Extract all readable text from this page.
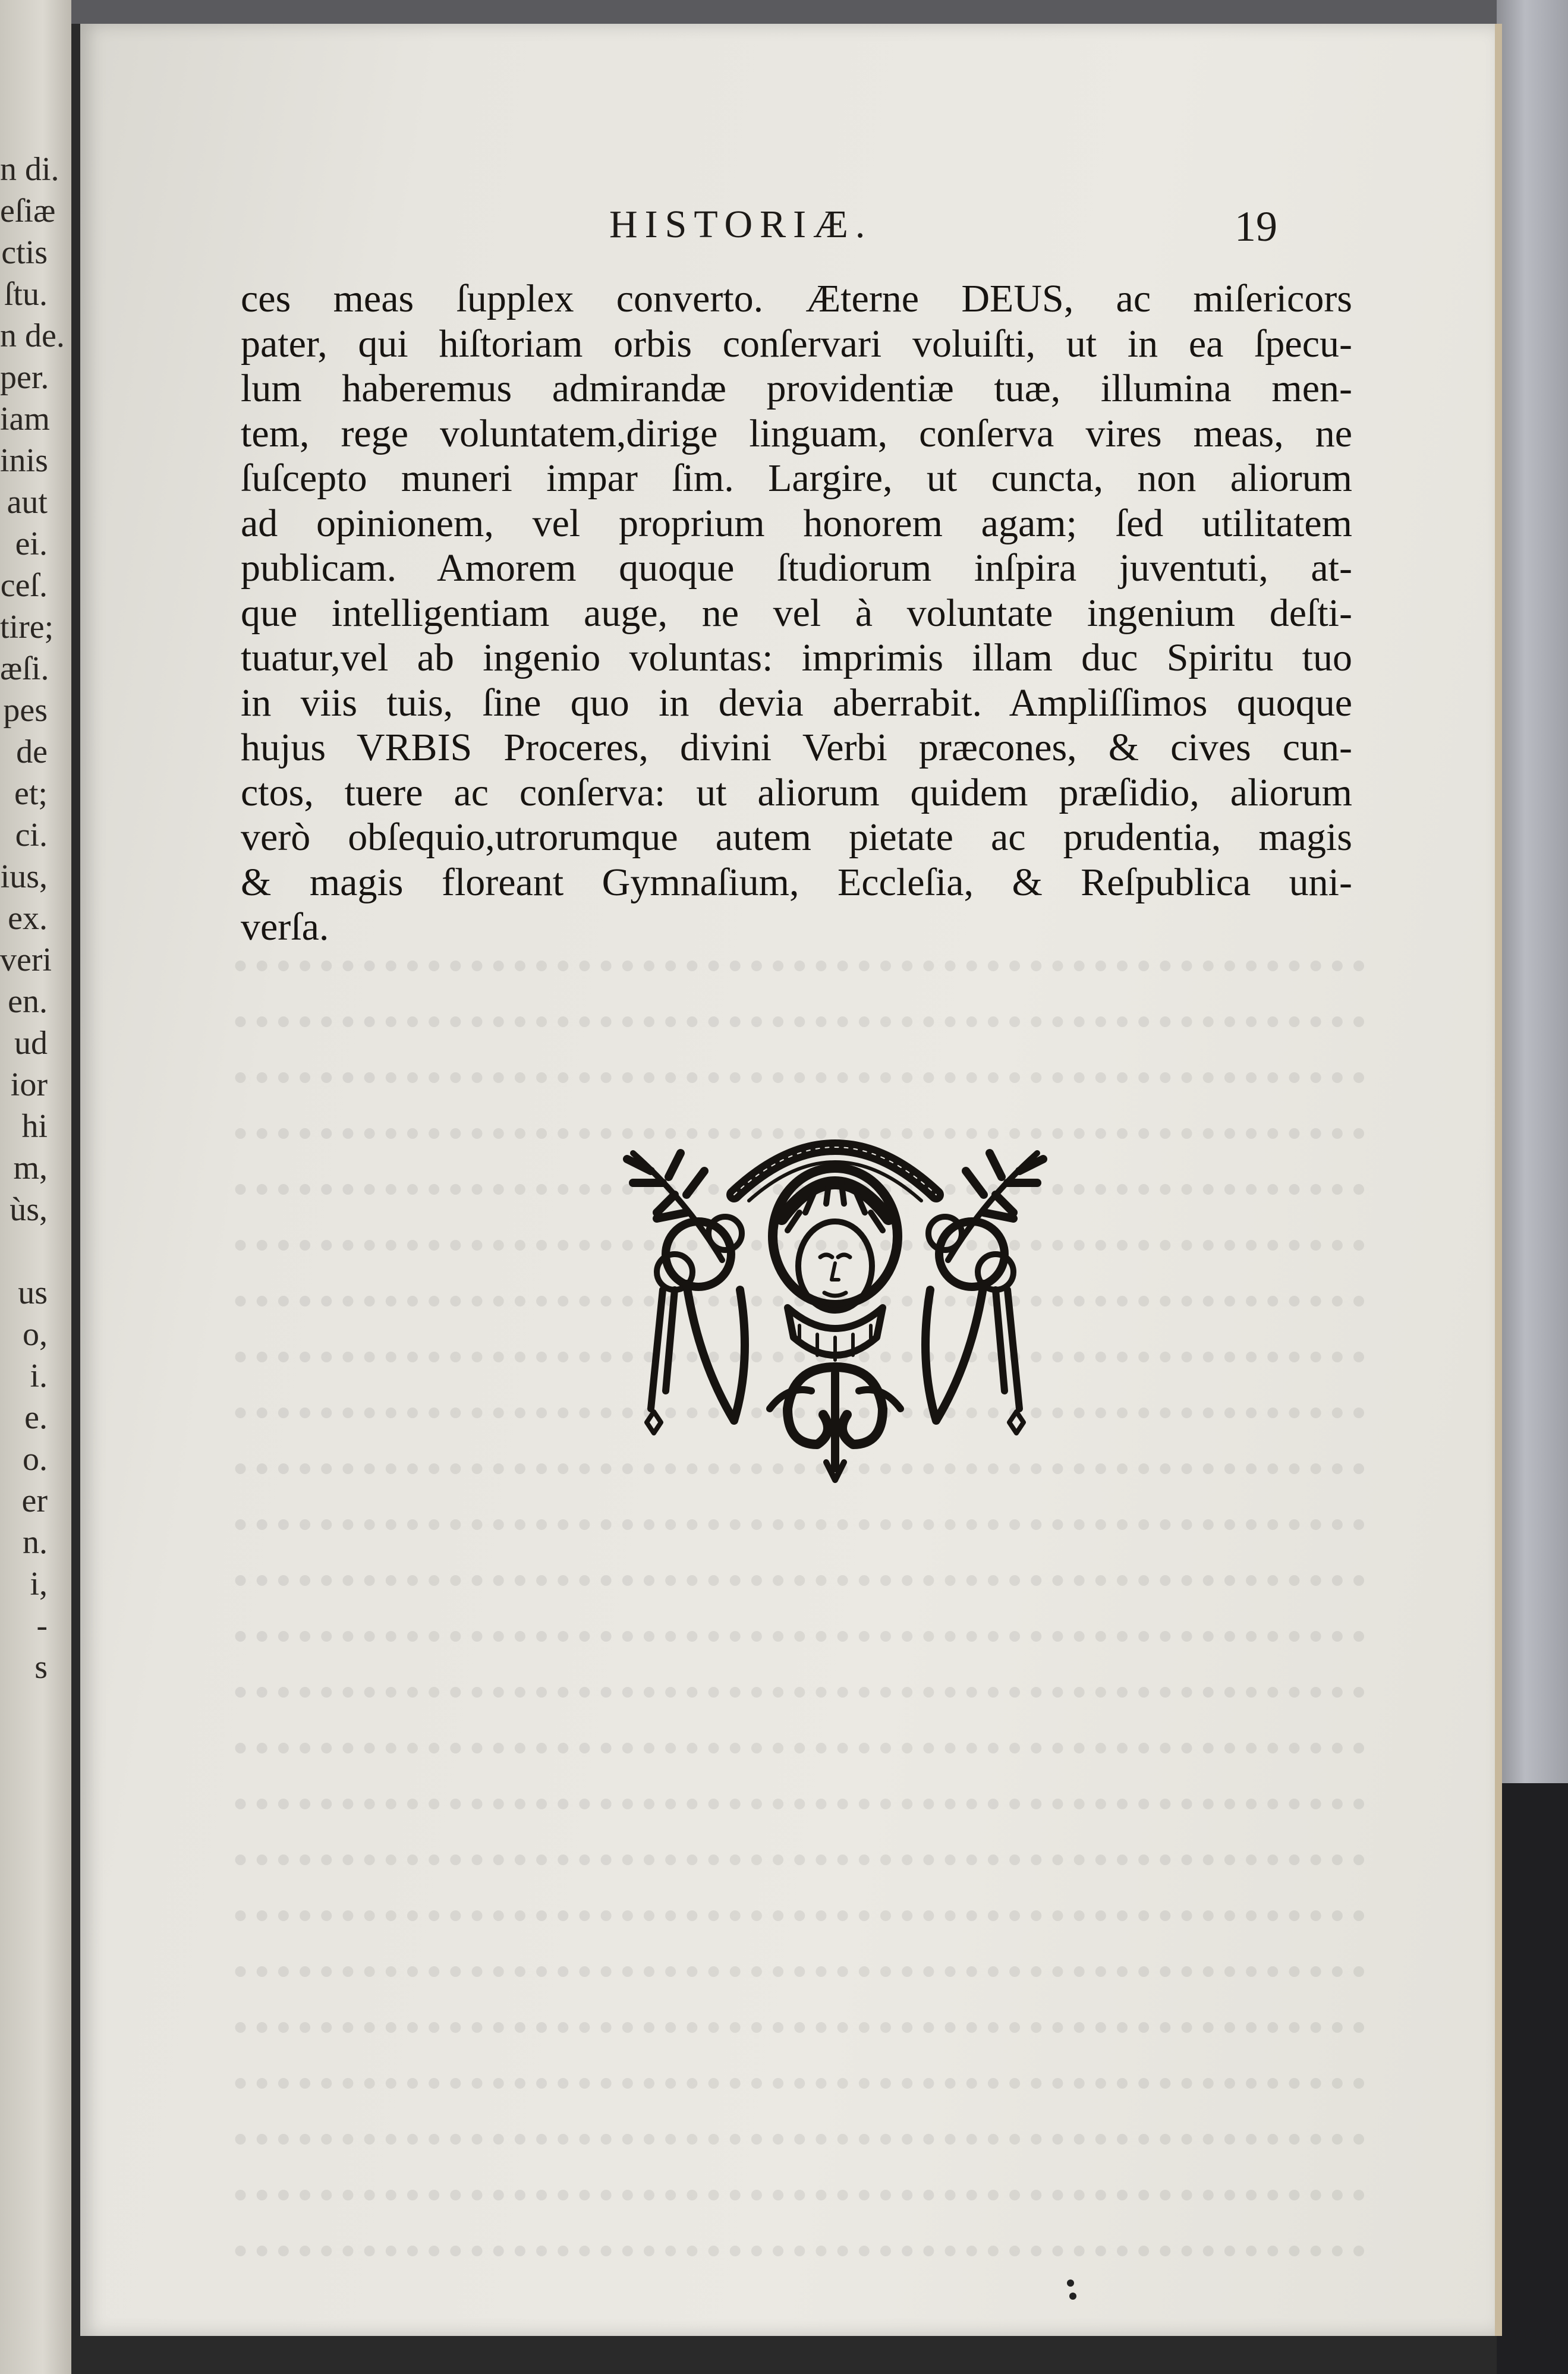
n di.
eſiæ
ctis
ſtu.
n de.
per.
iam
inis
aut
ei.
ceſ.
tire;
æſi.
pes
de
et;
ci.
ius,
ex.
veri
en.
ud
ior
hi
m,
ùs,

us
o,
i.
e.
o.
er
n.
i,
-
s
HISTORIÆ.	19
ces meas ſupplex converto. Æterne DEUS, ac miſericors
pater, qui hiſtoriam orbis conſervari voluiſti, ut in ea ſpecu-
lum haberemus admirandæ providentiæ tuæ, illumina men-
tem, rege voluntatem,dirige linguam, conſerva vires meas, ne
ſuſcepto muneri impar ſim. Largire, ut cuncta, non aliorum
ad opinionem, vel proprium honorem agam; ſed utilitatem
publicam. Amorem quoque ſtudiorum inſpira juventuti, at-
que intelligentiam auge, ne vel à voluntate ingenium deſti-
tuatur,vel ab ingenio voluntas: imprimis illam duc Spiritu tuo
in viis tuis, ſine quo in devia aberrabit. Ampliſſimos quoque
hujus VRBIS Proceres, divini Verbi præcones, & cives cun-
ctos, tuere ac conſerva: ut aliorum quidem præſidio, aliorum
verò obſequio,utrorumque autem pietate ac prudentia, magis
& magis floreant Gymnaſium, Eccleſia, & Reſpublica uni-
verſa.
